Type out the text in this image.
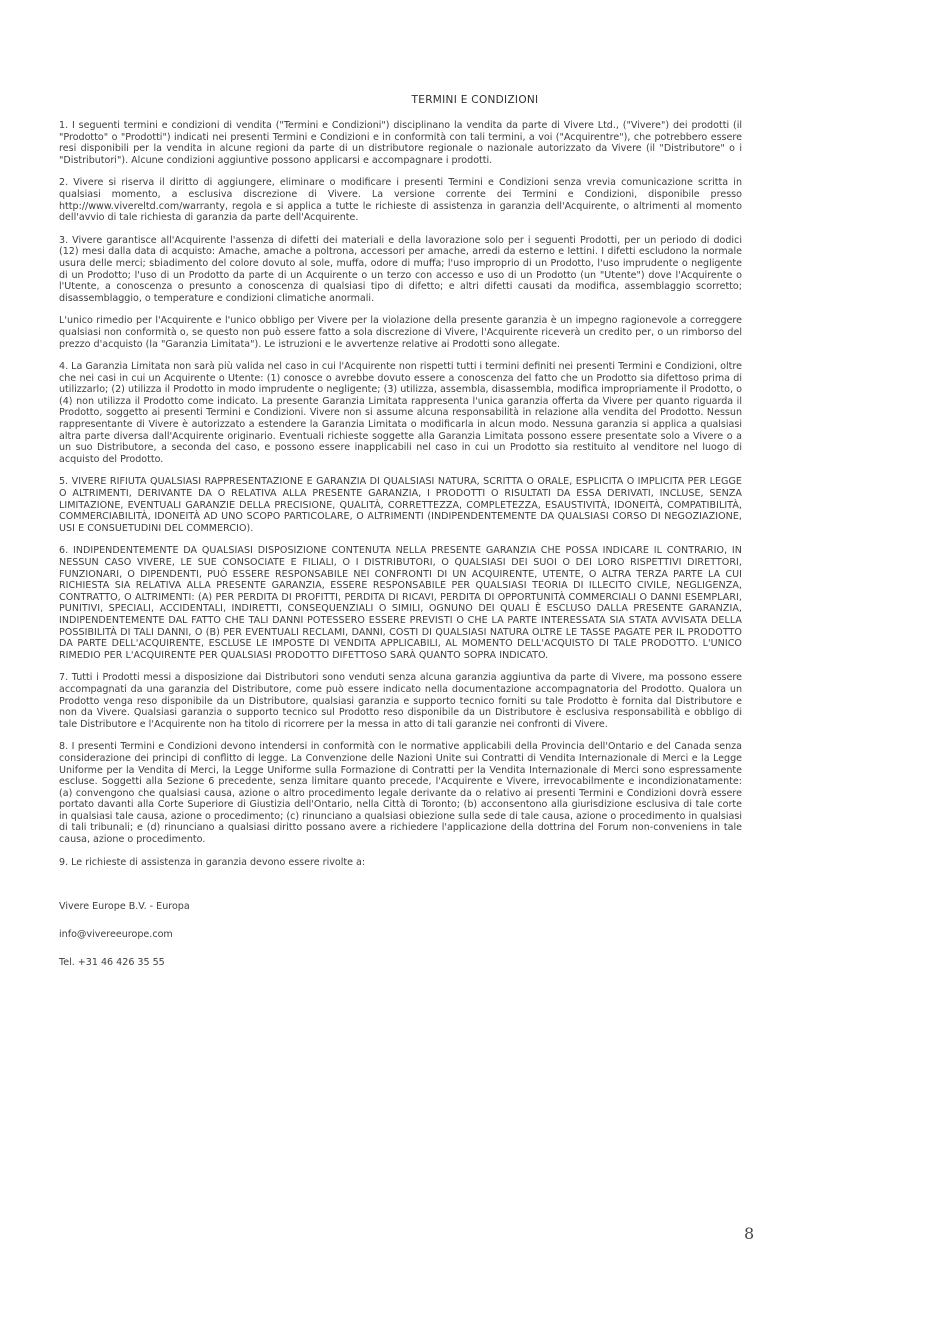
TERMINI E CONDIZIONI

1. I seguenti termini e condizioni di vendita ("Termini e Condizioni") disciplinano la vendita da parte di Vivere Ltd., ("Vivere") dei prodotti (il "Prodotto" o "Prodotti") indicati nei presenti Termini e Condizioni e in conformità con tali termini, a voi ("Acquirentre"), che potrebbero essere resi disponibili per la vendita in alcune regioni da parte di un distributore regionale o nazionale autorizzato da Vivere (il "Distributore" o i "Distributori"). Alcune condizioni aggiuntive possono applicarsi e accompagnare i prodotti.

2. Vivere si riserva il diritto di aggiungere, eliminare o modificare i presenti Termini e Condizioni senza vrevia comunicazione scritta in qualsiasi momento, a esclusiva discrezione di Vivere. La versione corrente dei Termini e Condizioni, disponibile presso http://www.vivereltd.com/warranty, regola e si applica a tutte le richieste di assistenza in garanzia dell'Acquirente, o altrimenti al momento dell'avvio di tale richiesta di garanzia da parte dell'Acquirente.

3. Vivere garantisce all'Acquirente l'assenza di difetti dei materiali e della lavorazione solo per i seguenti Prodotti, per un periodo di dodici (12) mesi dalla data di acquisto: Amache, amache a poltrona, accessori per amache, arredi da esterno e lettini. I difetti escludono la normale usura delle merci; sbiadimento del colore dovuto al sole, muffa, odore di muffa; l'uso improprio di un Prodotto, l'uso imprudente o negligente di un Prodotto; l'uso di un Prodotto da parte di un Acquirente o un terzo con accesso e uso di un Prodotto (un "Utente") dove l'Acquirente o l'Utente, a conoscenza o presunto a conoscenza di qualsiasi tipo di difetto; e altri difetti causati da modifica, assemblaggio scorretto; disassemblaggio, o temperature e condizioni climatiche anormali.

L'unico rimedio per l'Acquirente e l'unico obbligo per Vivere per la violazione della presente garanzia è un impegno ragionevole a correggere qualsiasi non conformità o, se questo non può essere fatto a sola discrezione di Vivere, l'Acquirente riceverà un credito per, o un rimborso del prezzo d'acquisto (la "Garanzia Limitata"). Le istruzioni e le avvertenze relative ai Prodotti sono allegate.

4. La Garanzia Limitata non sarà più valida nel caso in cui l'Acquirente non rispetti tutti i termini definiti nei presenti Termini e Condizioni, oltre che nei casi in cui un Acquirente o Utente: (1) conosce o avrebbe dovuto essere a conoscenza del fatto che un Prodotto sia difettoso prima di utilizzarlo; (2) utilizza il Prodotto in modo imprudente o negligente; (3) utilizza, assembla, disassembla, modifica impropriamente il Prodotto, o (4) non utilizza il Prodotto come indicato. La presente Garanzia Limitata rappresenta l'unica garanzia offerta da Vivere per quanto riguarda il Prodotto, soggetto ai presenti Termini e Condizioni. Vivere non si assume alcuna responsabilità in relazione alla vendita del Prodotto. Nessun rappresentante di Vivere è autorizzato a estendere la Garanzia Limitata o modificarla in alcun modo. Nessuna garanzia si applica a qualsiasi altra parte diversa dall'Acquirente originario. Eventuali richieste soggette alla Garanzia Limitata possono essere presentate solo a Vivere o a un suo Distributore, a seconda del caso, e possono essere inapplicabili nel caso in cui un Prodotto sia restituito al venditore nel luogo di acquisto del Prodotto.

5. VIVERE RIFIUTA QUALSIASI RAPPRESENTAZIONE E GARANZIA DI QUALSIASI NATURA, SCRITTA O ORALE, ESPLICITA O IMPLICITA PER LEGGE O ALTRIMENTI, DERIVANTE DA O RELATIVA ALLA PRESENTE GARANZIA, I PRODOTTI O RISULTATI DA ESSA DERIVATI, INCLUSE, SENZA LIMITAZIONE, EVENTUALI GARANZIE DELLA PRECISIONE, QUALITÀ, CORRETTEZZA, COMPLETEZZA, ESAUSTIVITÀ, IDONEITÀ, COMPATIBILITÀ, COMMERCIABILITÀ, IDONEITÀ AD UNO SCOPO PARTICOLARE, O ALTRIMENTI (INDIPENDENTEMENTE DA QUALSIASI CORSO DI NEGOZIAZIONE, USI E CONSUETUDINI DEL COMMERCIO).

6. INDIPENDENTEMENTE DA QUALSIASI DISPOSIZIONE CONTENUTA NELLA PRESENTE GARANZIA CHE POSSA INDICARE IL CONTRARIO, IN NESSUN CASO VIVERE, LE SUE CONSOCIATE E FILIALI, O I DISTRIBUTORI, O QUALSIASI DEI SUOI O DEI LORO RISPETTIVI DIRETTORI, FUNZIONARI, O DIPENDENTI, PUÒ ESSERE RESPONSABILE NEI CONFRONTI DI UN ACQUIRENTE, UTENTE, O ALTRA TERZA PARTE LA CUI RICHIESTA SIA RELATIVA ALLA PRESENTE GARANZIA, ESSERE RESPONSABILE PER QUALSIASI TEORIA DI ILLECITO CIVILE, NEGLIGENZA, CONTRATTO, O ALTRIMENTI: (A) PER PERDITA DI PROFITTI, PERDITA DI RICAVI, PERDITA DI OPPORTUNITÀ COMMERCIALI O DANNI ESEMPLARI, PUNITIVI, SPECIALI, ACCIDENTALI, INDIRETTI, CONSEQUENZIALI O SIMILI, OGNUNO DEI QUALI È ESCLUSO DALLA PRESENTE GARANZIA, INDIPENDENTEMENTE DAL FATTO CHE TALI DANNI POTESSERO ESSERE PREVISTI O CHE LA PARTE INTERESSATA SIA STATA AVVISATA DELLA POSSIBILITÀ DI TALI DANNI, O (B) PER EVENTUALI RECLAMI, DANNI, COSTI DI QUALSIASI NATURA OLTRE LE TASSE PAGATE PER IL PRODOTTO DA PARTE DELL'ACQUIRENTE, ESCLUSE LE IMPOSTE DI VENDITA APPLICABILI, AL MOMENTO DELL'ACQUISTO DI TALE PRODOTTO. L'UNICO RIMEDIO PER L'ACQUIRENTE PER QUALSIASI PRODOTTO DIFETTOSO SARÀ QUANTO SOPRA INDICATO.

7. Tutti i Prodotti messi a disposizione dai Distributori sono venduti senza alcuna garanzia aggiuntiva da parte di Vivere, ma possono essere accompagnati da una garanzia del Distributore, come può essere indicato nella documentazione accompagnatoria del Prodotto. Qualora un Prodotto venga reso disponibile da un Distributore, qualsiasi garanzia e supporto tecnico forniti su tale Prodotto è fornita dal Distributore e non da Vivere. Qualsiasi garanzia o supporto tecnico sul Prodotto reso disponibile da un Distributore è esclusiva responsabilità e obbligo di tale Distributore e l'Acquirente non ha titolo di ricorrere per la messa in atto di tali garanzie nei confronti di Vivere.

8. I presenti Termini e Condizioni devono intendersi in conformità con le normative applicabili della Provincia dell'Ontario e del Canada senza considerazione dei principi di conflitto di legge. La Convenzione delle Nazioni Unite sui Contratti di Vendita Internazionale di Merci e la Legge Uniforme per la Vendita di Merci, la Legge Uniforme sulla Formazione di Contratti per la Vendita Internazionale di Merci sono espressamente escluse. Soggetti alla Sezione 6 precedente, senza limitare quanto precede, l'Acquirente e Vivere, irrevocabilmente e incondizionatamente: (a) convengono che qualsiasi causa, azione o altro procedimento legale derivante da o relativo ai presenti Termini e Condizioni dovrà essere portato davanti alla Corte Superiore di Giustizia dell'Ontario, nella Città di Toronto; (b) acconsentono alla giurisdizione esclusiva di tale corte in qualsiasi tale causa, azione o procedimento; (c) rinunciano a qualsiasi obiezione sulla sede di tale causa, azione o procedimento in qualsiasi di tali tribunali; e (d) rinunciano a qualsiasi diritto possano avere a richiedere l'applicazione della dottrina del Forum non-conveniens in tale causa, azione o procedimento.

9. Le richieste di assistenza in garanzia devono essere rivolte a:

Vivere Europe B.V. - Europa

info@vivereeurope.com

Tel. +31 46 426 35 55

8
